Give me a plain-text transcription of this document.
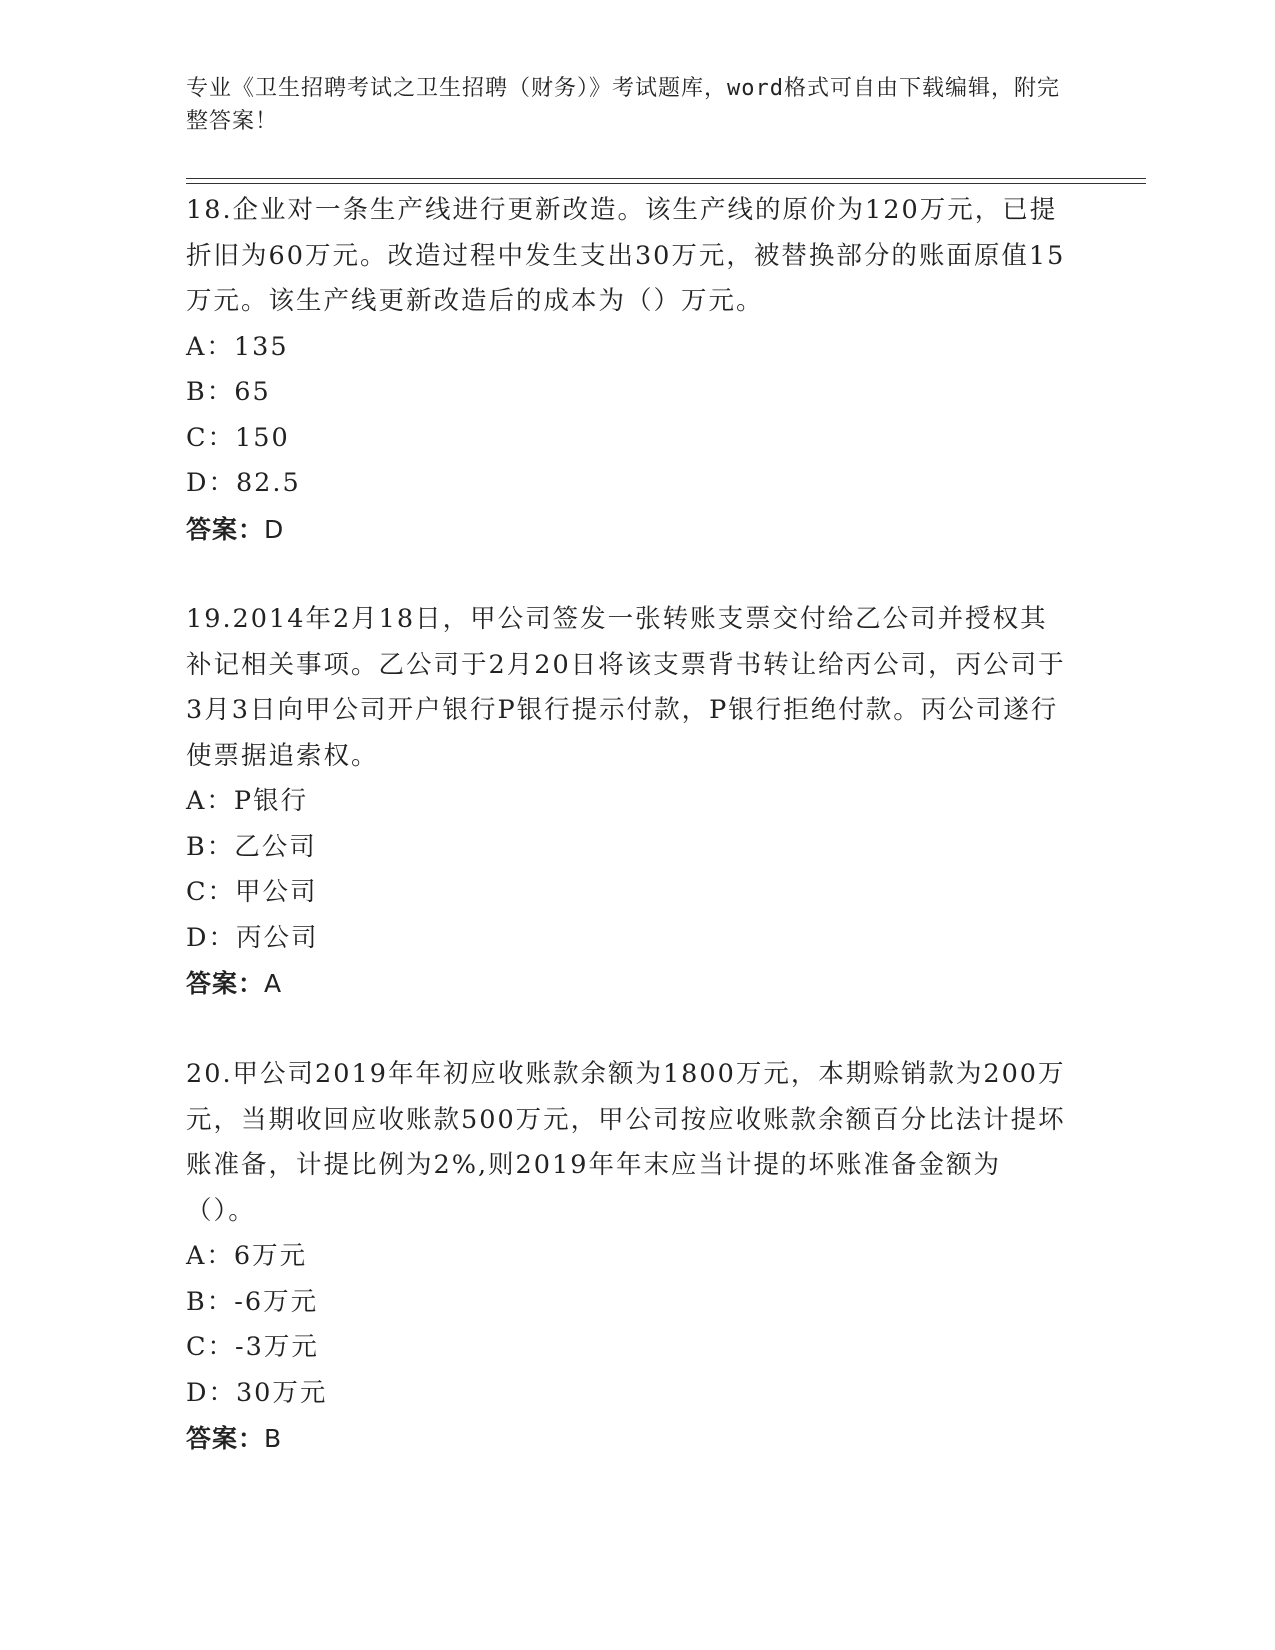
专业《卫生招聘考试之卫生招聘（财务）》考试题库，word格式可自由下载编辑，附完整答案！

18.企业对一条生产线进行更新改造。该生产线的原价为120万元，已提折旧为60万元。改造过程中发生支出30万元，被替换部分的账面原值15万元。该生产线更新改造后的成本为（）万元。

A：135
B：65
C：150
D：82.5
答案：D

19.2014年2月18日，甲公司签发一张转账支票交付给乙公司并授权其补记相关事项。乙公司于2月20日将该支票背书转让给丙公司，丙公司于3月3日向甲公司开户银行P银行提示付款，P银行拒绝付款。丙公司遂行使票据追索权。

A：P银行
B：乙公司
C：甲公司
D：丙公司
答案：A

20.甲公司2019年年初应收账款余额为1800万元，本期赊销款为200万元，当期收回应收账款500万元，甲公司按应收账款余额百分比法计提坏账准备，计提比例为2%,则2019年年末应当计提的坏账准备金额为（）。

A：6万元
B：-6万元
C：-3万元
D：30万元
答案：B
